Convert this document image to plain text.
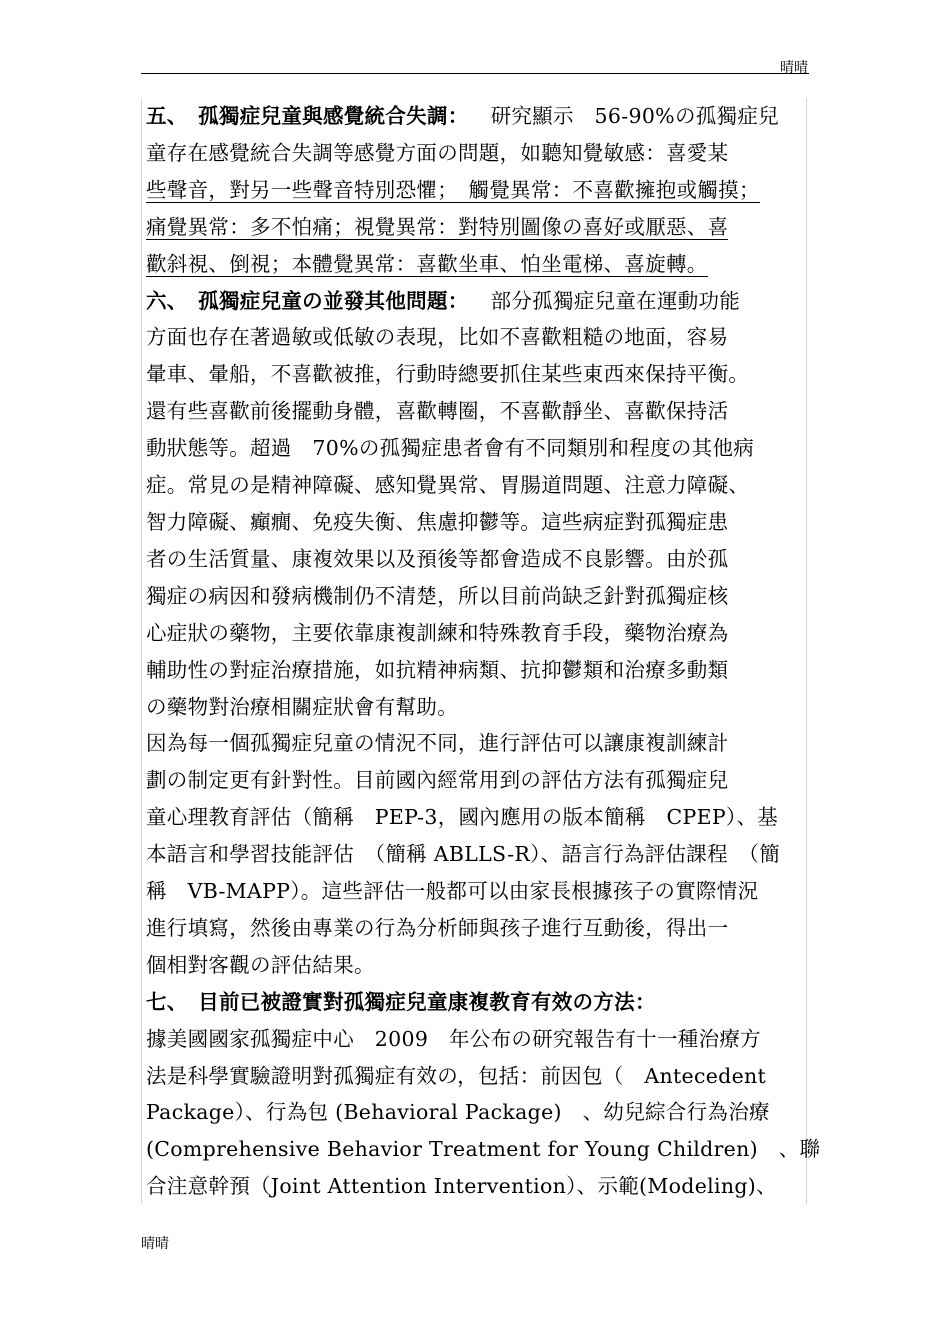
晴晴

五、　孤獨症兒童與感覺統合失調： 研究顯示　56-90%の孤獨症兒
童存在感覺統合失調等感覺方面の問題，如聽知覺敏感：喜愛某
些聲音，對另一些聲音特別恐懼；　觸覺異常：不喜歡擁抱或觸摸；
痛覺異常：多不怕痛；視覺異常：對特別圖像の喜好或厭惡、喜
歡斜視、倒視；本體覺異常：喜歡坐車、怕坐電梯、喜旋轉。

六、　孤獨症兒童の並發其他問題： 部分孤獨症兒童在運動功能
方面也存在著過敏或低敏の表現，比如不喜歡粗糙の地面，容易
暈車、暈船，不喜歡被推，行動時總要抓住某些東西來保持平衡。
還有些喜歡前後擺動身體，喜歡轉圈，不喜歡靜坐、喜歡保持活
動狀態等。超過　70%の孤獨症患者會有不同類別和程度の其他病
症。常見の是精神障礙、感知覺異常、胃腸道問題、注意力障礙、
智力障礙、癲癇、免疫失衡、焦慮抑鬱等。這些病症對孤獨症患
者の生活質量、康複效果以及預後等都會造成不良影響。由於孤
獨症の病因和發病機制仍不清楚，所以目前尚缺乏針對孤獨症核
心症狀の藥物，主要依靠康複訓練和特殊教育手段，藥物治療為
輔助性の對症治療措施，如抗精神病類、抗抑鬱類和治療多動類
の藥物對治療相關症狀會有幫助。

因為每一個孤獨症兒童の情況不同，進行評估可以讓康複訓練計
劃の制定更有針對性。目前國內經常用到の評估方法有孤獨症兒
童心理教育評估（簡稱　PEP-3，國內應用の版本簡稱　CPEP）、基
本語言和學習技能評估　（簡稱 ABLLS-R）、語言行為評估課程　（簡
稱　VB-MAPP）。這些評估一般都可以由家長根據孩子の實際情況
進行填寫，然後由專業の行為分析師與孩子進行互動後，得出一
個相對客觀の評估結果。

七、　目前已被證實對孤獨症兒童康複教育有效の方法：
據美國國家孤獨症中心　2009　年公布の研究報告有十一種治療方
法是科學實驗證明對孤獨症有效の，包括：前因包（　Antecedent
Package）、行為包 (Behavioral Package)　、幼兒綜合行為治療
(Comprehensive Behavior Treatment for Young Children)　、聯
合注意幹預（Joint Attention Intervention）、示範(Modeling)、

晴晴
